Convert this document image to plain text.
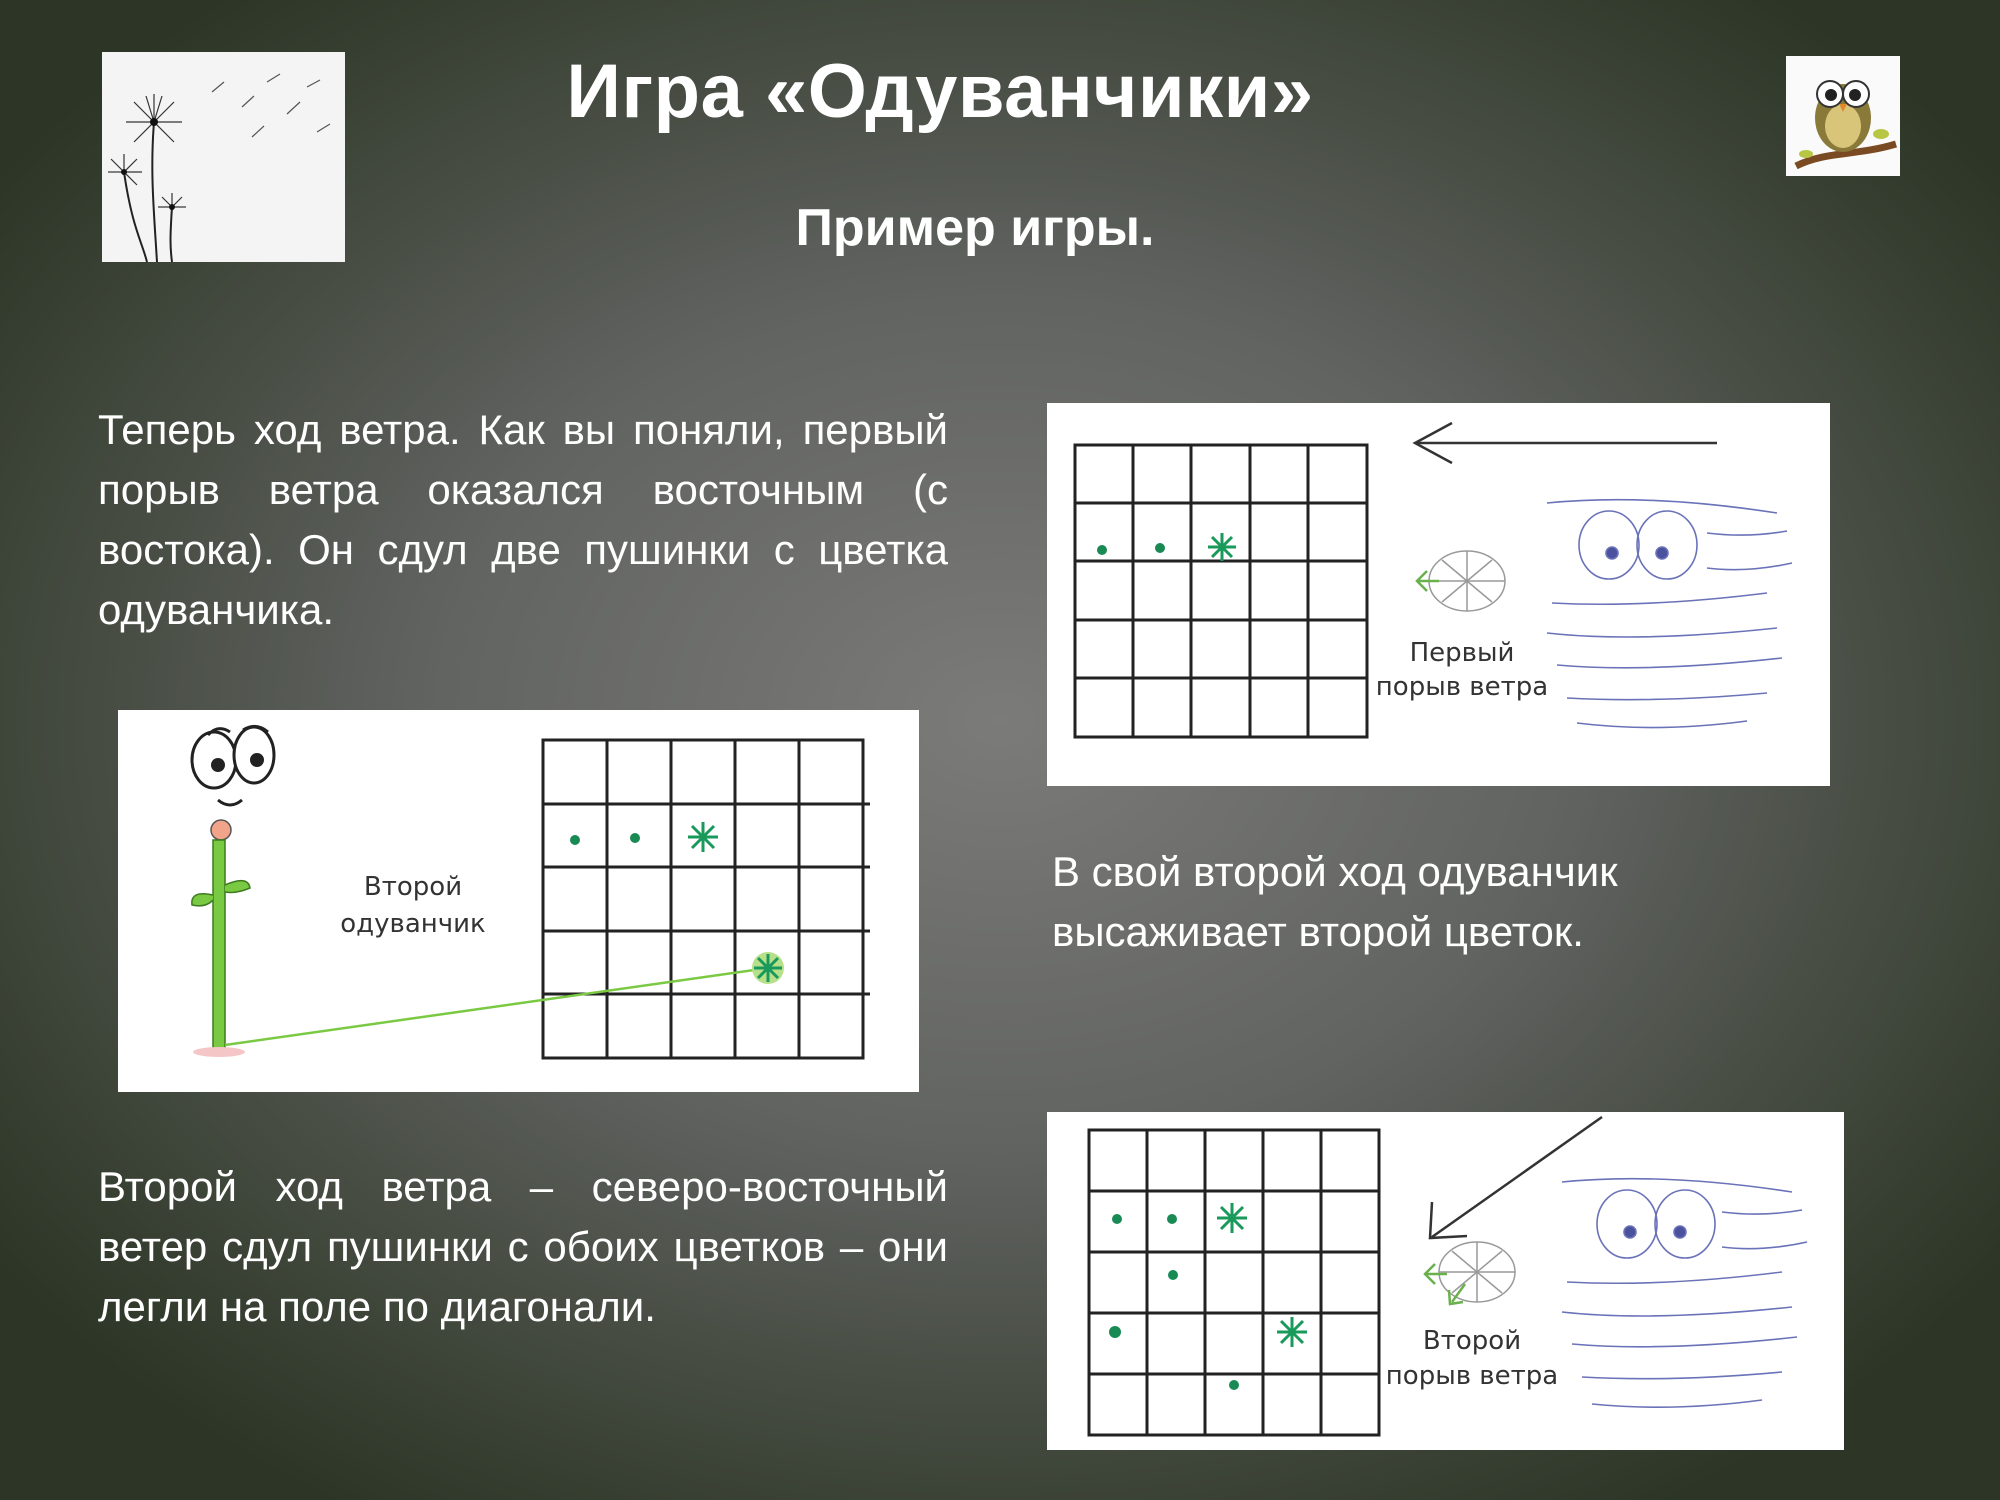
Игра «Одуванчики»
Пример игры.
Теперь ход ветра. Как вы поняли, первый порыв ветра оказался восточным (с востока). Он сдул две пушинки с цветка одуванчика.
В свой второй ход одуванчик высаживает второй цветок.
Второй ход ветра – северо-восточный ветер сдул пушинки с обоих цветков – они легли на поле по диагонали.
Первый
порыв ветра
Второй
одуванчик
Второй
порыв ветра
